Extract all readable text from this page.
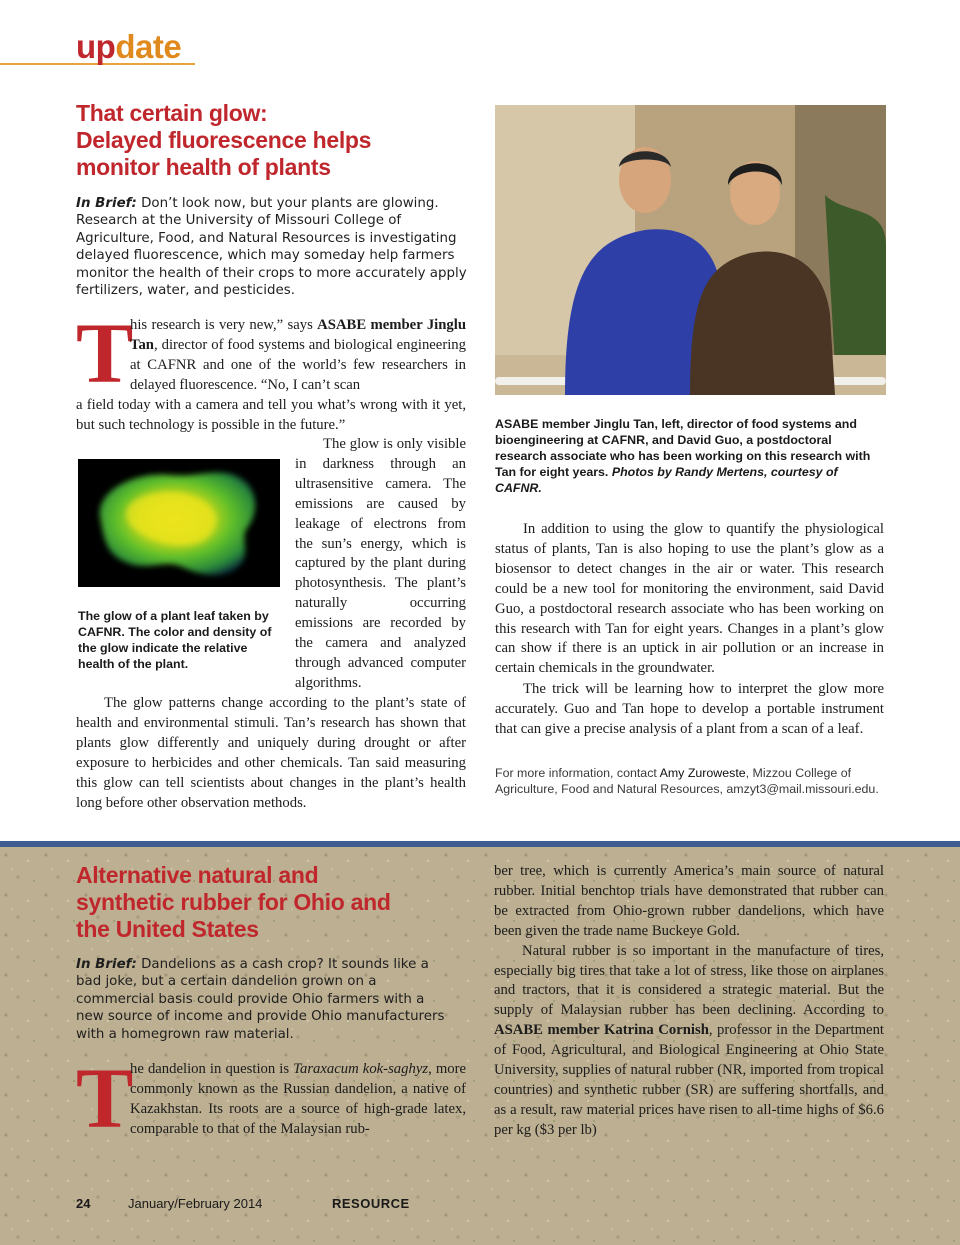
update
That certain glow:
Delayed fluorescence helps
monitor health of plants
In Brief: Don’t look now, but your plants are glowing. Research at the University of Missouri College of Agriculture, Food, and Natural Resources is investigating delayed fluorescence, which may someday help farmers monitor the health of their crops to more accurately apply fertilizers, water, and pesticides.
T
his research is very new,” says ASABE member Jinglu Tan, director of food systems and biological engineering at CAFNR and one of the world’s few researchers in delayed fluorescence. “No, I can’t scan
a field today with a camera and tell you what’s wrong with it yet, but such technology is possible in the future.”
The glow of a plant leaf taken by CAFNR. The color and density of the glow indicate the relative health of the plant.
The glow is only visible in darkness through an ultrasensitive camera. The emissions are caused by leakage of electrons from the sun’s energy, which is captured by the plant during photosynthesis. The plant’s naturally occurring emissions are recorded by the camera and analyzed through advanced computer algorithms.
The glow patterns change according to the plant’s state of health and environmental stimuli. Tan’s research has shown that plants glow differently and uniquely during drought or after exposure to herbicides and other chemicals. Tan said measuring this glow can tell scientists about changes in the plant’s health long before other observation methods.
ASABE member Jinglu Tan, left, director of food systems and bioengineering at CAFNR, and David Guo, a postdoctoral research associate who has been working on this research with Tan for eight years. Photos by Randy Mertens, courtesy of CAFNR.
In addition to using the glow to quantify the physiological status of plants, Tan is also hoping to use the plant’s glow as a biosensor to detect changes in the air or water. This research could be a new tool for monitoring the environment, said David Guo, a postdoctoral research associate who has been working on this research with Tan for eight years. Changes in a plant’s glow can show if there is an uptick in air pollution or an increase in certain chemicals in the groundwater.
The trick will be learning how to interpret the glow more accurately. Guo and Tan hope to develop a portable instrument that can give a precise analysis of a plant from a scan of a leaf.
For more information, contact Amy Zuroweste, Mizzou College of Agriculture, Food and Natural Resources, amzyt3@mail.missouri.edu.
Alternative natural and
synthetic rubber for Ohio and
the United States
In Brief: Dandelions as a cash crop? It sounds like a bad joke, but a certain dandelion grown on a commercial basis could provide Ohio farmers with a new source of income and provide Ohio manufacturers with a homegrown raw material.
T
he dandelion in question is Taraxacum kok-saghyz, more commonly known as the Russian dandelion, a native of Kazakhstan. Its roots are a source of high-grade latex, comparable to that of the Malaysian rub-
ber tree, which is currently America’s main source of natural rubber. Initial benchtop trials have demonstrated that rubber can be extracted from Ohio-grown rubber dandelions, which have been given the trade name Buckeye Gold.
Natural rubber is so important in the manufacture of tires, especially big tires that take a lot of stress, like those on airplanes and tractors, that it is considered a strategic material. But the supply of Malaysian rubber has been declining. According to ASABE member Katrina Cornish, professor in the Department of Food, Agricultural, and Biological Engineering at Ohio State University, supplies of natural rubber (NR, imported from tropical countries) and synthetic rubber (SR) are suffering shortfalls, and as a result, raw material prices have risen to all-time highs of $6.6 per kg ($3 per lb)
24	January/February 2014	RESOURCE
